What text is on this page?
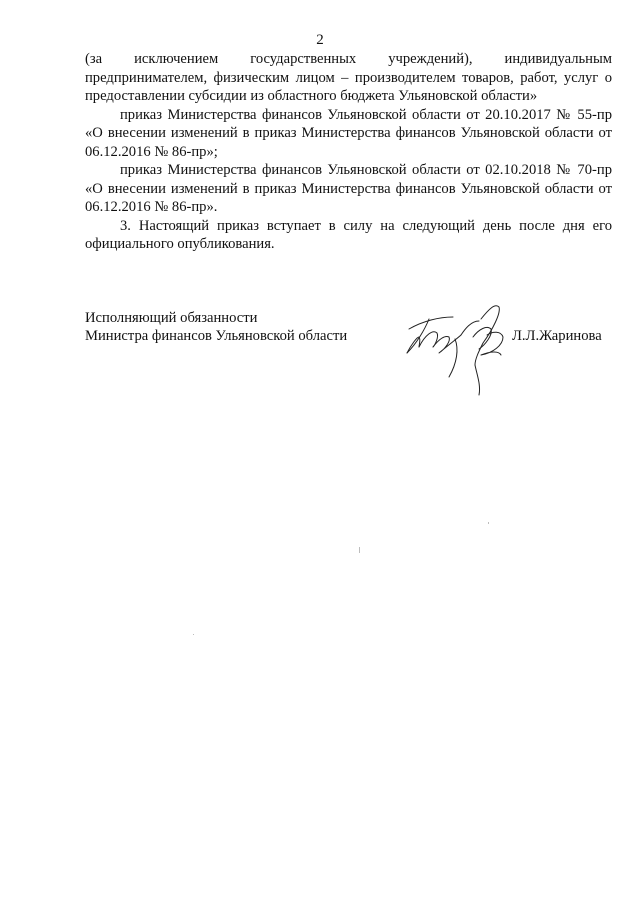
2

(за исключением государственных учреждений), индивидуальным
предпринимателем, физическим лицом – производителем товаров, работ, услуг о предоставлении субсидии из областного бюджета Ульяновской области»

приказ Министерства финансов Ульяновской области от 20.10.2017 № 55-пр «О внесении изменений в приказ Министерства финансов Ульяновской области от 06.12.2016 № 86-пр»;

приказ Министерства финансов Ульяновской области от 02.10.2018 № 70-пр «О внесении изменений в приказ Министерства финансов Ульяновской области от 06.12.2016 № 86-пр».

3. Настоящий приказ вступает в силу на следующий день после дня его официального опубликования.

Исполняющий обязанности
Министра финансов Ульяновской области	Л.Л.Жаринова
